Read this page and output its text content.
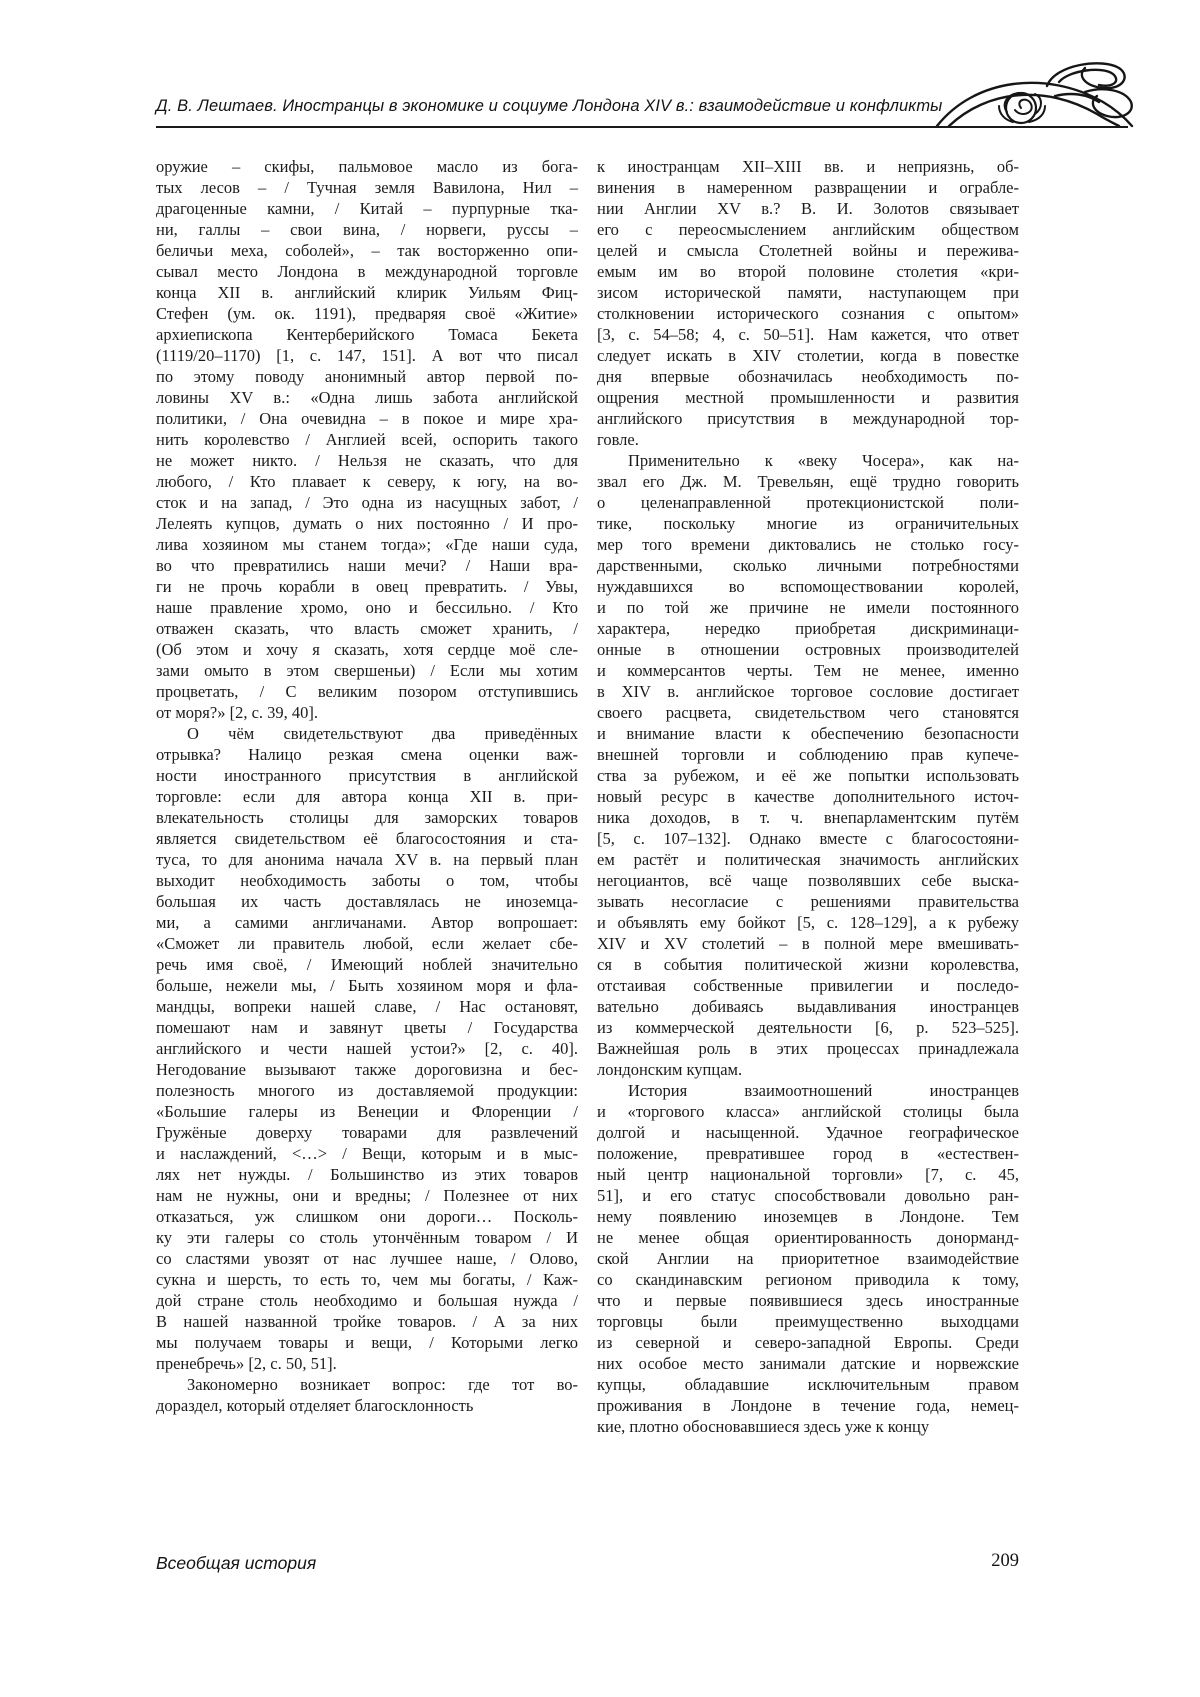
Д. В. Лештаев. Иностранцы в экономике и социуме Лондона XIV в.: взаимодействие и конфликты
оружие – скифы, пальмовое масло из бога-
тых лесов – / Тучная земля Вавилона, Нил –
драгоценные камни, / Китай – пурпурные тка-
ни, галлы – свои вина, / норвеги, руссы –
беличьи меха, соболей», – так восторженно опи-
сывал место Лондона в международной торговле
конца XII в. английский клирик Уильям Фиц-
Стефен (ум. ок. 1191), предваряя своё «Житие»
архиепископа Кентерберийского Томаса Бекета
(1119/20–1170) [1, с. 147, 151]. А вот что писал
по этому поводу анонимный автор первой по-
ловины XV в.: «Одна лишь забота английской
политики, / Она очевидна – в покое и мире хра-
нить королевство / Англией всей, оспорить такого
не может никто. / Нельзя не сказать, что для
любого, / Кто плавает к северу, к югу, на во-
сток и на запад, / Это одна из насущных забот, /
Лелеять купцов, думать о них постоянно / И про-
лива хозяином мы станем тогда»; «Где наши суда,
во что превратились наши мечи? / Наши вра-
ги не прочь корабли в овец превратить. / Увы,
наше правление хромо, оно и бессильно. / Кто
отважен сказать, что власть сможет хранить, /
(Об этом и хочу я сказать, хотя сердце моё сле-
зами омыто в этом свершеньи) / Если мы хотим
процветать, / С великим позором отступившись
от моря?» [2, с. 39, 40].
О чём свидетельствуют два приведённых
отрывка? Налицо резкая смена оценки важ-
ности иностранного присутствия в английской
торговле: если для автора конца XII в. при-
влекательность столицы для заморских товаров
является свидетельством её благосостояния и ста-
туса, то для анонима начала XV в. на первый план
выходит необходимость заботы о том, чтобы
большая их часть доставлялась не иноземца-
ми, а самими англичанами. Автор вопрошает:
«Сможет ли правитель любой, если желает сбе-
речь имя своё, / Имеющий ноблей значительно
больше, нежели мы, / Быть хозяином моря и фла-
мандцы, вопреки нашей славе, / Нас остановят,
помешают нам и завянут цветы / Государства
английского и чести нашей устои?» [2, с. 40].
Негодование вызывают также дороговизна и бес-
полезность многого из доставляемой продукции:
«Большие галеры из Венеции и Флоренции /
Гружёные доверху товарами для развлечений
и наслаждений, <…> / Вещи, которым и в мыс-
лях нет нужды. / Большинство из этих товаров
нам не нужны, они и вредны; / Полезнее от них
отказаться, уж слишком они дороги… Посколь-
ку эти галеры со столь утончённым товаром / И
со сластями увозят от нас лучшее наше, / Олово,
сукна и шерсть, то есть то, чем мы богаты, / Каж-
дой стране столь необходимо и большая нужда /
В нашей названной тройке товаров. / А за них
мы получаем товары и вещи, / Которыми легко
пренебречь» [2, с. 50, 51].
Закономерно возникает вопрос: где тот во-
дораздел, который отделяет благосклонность
к иностранцам XII–XIII вв. и неприязнь, об-
винения в намеренном развращении и ограбле-
нии Англии XV в.? В. И. Золотов связывает
его с переосмыслением английским обществом
целей и смысла Столетней войны и пережива-
емым им во второй половине столетия «кри-
зисом исторической памяти, наступающем при
столкновении исторического сознания с опытом»
[3, с. 54–58; 4, с. 50–51]. Нам кажется, что ответ
следует искать в XIV столетии, когда в повестке
дня впервые обозначилась необходимость по-
ощрения местной промышленности и развития
английского присутствия в международной тор-
говле.
Применительно к «веку Чосера», как на-
звал его Дж. М. Тревельян, ещё трудно говорить
о целенаправленной протекционистской поли-
тике, поскольку многие из ограничительных
мер того времени диктовались не столько госу-
дарственными, сколько личными потребностями
нуждавшихся во вспомоществовании королей,
и по той же причине не имели постоянного
характера, нередко приобретая дискриминаци-
онные в отношении островных производителей
и коммерсантов черты. Тем не менее, именно
в XIV в. английское торговое сословие достигает
своего расцвета, свидетельством чего становятся
и внимание власти к обеспечению безопасности
внешней торговли и соблюдению прав купече-
ства за рубежом, и её же попытки использовать
новый ресурс в качестве дополнительного источ-
ника доходов, в т. ч. внепарламентским путём
[5, с. 107–132]. Однако вместе с благосостояни-
ем растёт и политическая значимость английских
негоциантов, всё чаще позволявших себе выска-
зывать несогласие с решениями правительства
и объявлять ему бойкот [5, с. 128–129], а к рубежу
XIV и XV столетий – в полной мере вмешивать-
ся в события политической жизни королевства,
отстаивая собственные привилегии и последо-
вательно добиваясь выдавливания иностранцев
из коммерческой деятельности [6, p. 523–525].
Важнейшая роль в этих процессах принадлежала
лондонским купцам.
История взаимоотношений иностранцев
и «торгового класса» английской столицы была
долгой и насыщенной. Удачное географическое
положение, превратившее город в «естествен-
ный центр национальной торговли» [7, с. 45,
51], и его статус способствовали довольно ран-
нему появлению иноземцев в Лондоне. Тем
не менее общая ориентированность донорманд-
ской Англии на приоритетное взаимодействие
со скандинавским регионом приводила к тому,
что и первые появившиеся здесь иностранные
торговцы были преимущественно выходцами
из северной и северо-западной Европы. Среди
них особое место занимали датские и норвежские
купцы, обладавшие исключительным правом
проживания в Лондоне в течение года, немец-
кие, плотно обосновавшиеся здесь уже к концу
Всеобщая история	209
